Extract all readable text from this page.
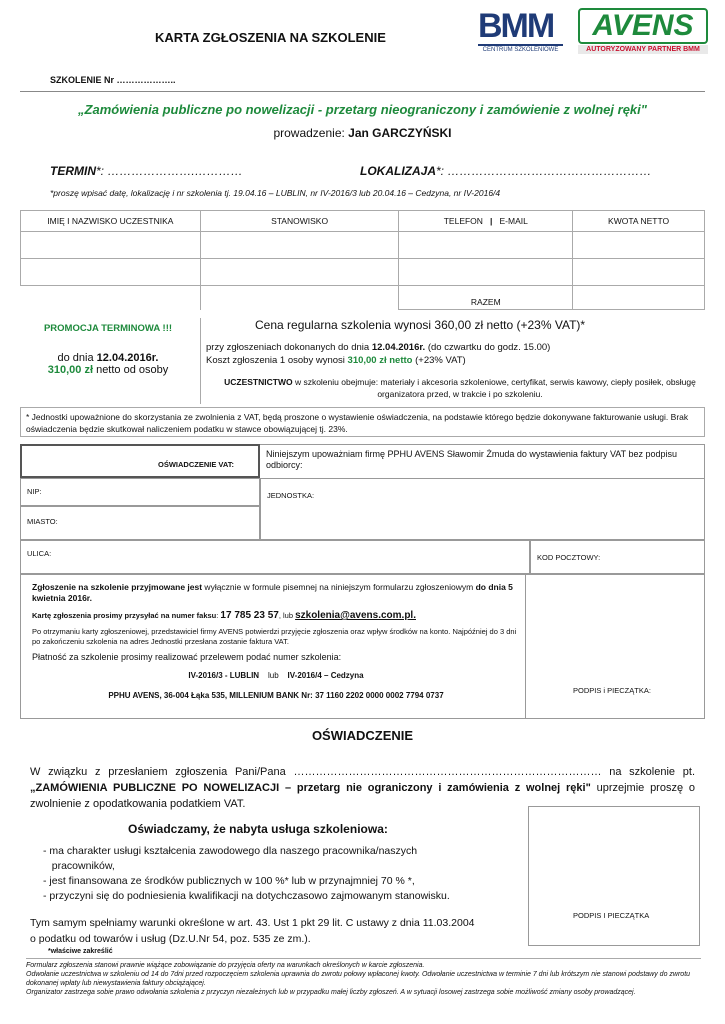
KARTA ZGŁOSZENIA NA SZKOLENIE	BMM
CENTRUM SZKOLENIOWE
AVENS
AUTORYZOWANY PARTNER BMM
SZKOLENIE Nr ………………..
„Zamówienia publiczne po nowelizacji - przetarg nieograniczony i zamówienie z wolnej ręki"
prowadzenie: Jan GARCZYŃSKI
TERMIN*: ………………….…………	LOKALIZAJA*: ……………………………………………
*proszę wpisać datę, lokalizację i nr szkolenia tj. 19.04.16 – LUBLIN, nr IV-2016/3 lub 20.04.16 – Cedzyna, nr IV-2016/4
IMIĘ I NAZWISKO UCZESTNIKA	STANOWISKO	TELEFON | E-MAIL	KWOTA NETTO

		RAZEM	
PROMOCJA TERMINOWA !!!
do dnia 12.04.2016r.
310,00 zł netto od osoby
Cena regularna szkolenia wynosi 360,00 zł netto (+23% VAT)*
przy zgłoszeniach dokonanych do dnia 12.04.2016r. (do czwartku do godz. 15.00)
Koszt zgłoszenia 1 osoby wynosi 310,00 zł netto (+23% VAT)
UCZESTNICTWO w szkoleniu obejmuje: materiały i akcesoria szkoleniowe, certyfikat, serwis kawowy, ciepły posiłek, obsługę organizatora przed, w trakcie i po szkoleniu.
* Jednostki upoważnione do skorzystania ze zwolnienia z VAT, będą proszone o wystawienie oświadczenia, na podstawie którego będzie dokonywane fakturowanie usługi. Brak oświadczenia będzie skutkował naliczeniem podatku w stawce obowiązującej tj. 23%.
OŚWIADCZENIE VAT:
Niniejszym upoważniam firmę PPHU AVENS Sławomir Żmuda do wystawienia faktury VAT bez podpisu odbiorcy:
NIP:	JEDNOSTKA:
MIASTO:
ULICA:	KOD POCZTOWY:
PODPIS i PIECZĄTKA:
Zgłoszenie na szkolenie przyjmowane jest wyłącznie w formule pisemnej na niniejszym formularzu zgłoszeniowym do dnia 5 kwietnia 2016r.
Kartę zgłoszenia prosimy przysyłać na numer faksu: 17 785 23 57, lub szkolenia@avens.com.pl.
Po otrzymaniu karty zgłoszeniowej, przedstawiciel firmy AVENS potwierdzi przyjęcie zgłoszenia oraz wpływ środków na konto. Najpóźniej do 3 dni po zakończeniu szkolenia na adres Jednostki przesłana zostanie faktura VAT.
Płatność za szkolenie prosimy realizować przelewem podać numer szkolenia:
IV-2016/3 - LUBLIN lub IV-2016/4 – Cedzyna
PPHU AVENS, 36-004 Łąka 535, MILLENIUM BANK Nr: 37 1160 2202 0000 0002 7794 0737
OŚWIADCZENIE
W związku z przesłaniem zgłoszenia Pani/Pana ………………………………………………………………………… na szkolenie pt. „ZAMÓWIENIA PUBLICZNE PO NOWELIZACJI – przetarg nie ograniczony i zamówienia z wolnej ręki" uprzejmie proszę o zwolnienie z opodatkowania podatkiem VAT.
Oświadczamy, że nabyta usługa szkoleniowa:
- ma charakter usługi kształcenia zawodowego dla naszego pracownika/naszych
pracowników,
- jest finansowana ze środków publicznych w 100 %* lub w przynajmniej 70 % *,
- przyczyni się do podniesienia kwalifikacji na dotychczasowo zajmowanym stanowisku.
Tym samym spełniamy warunki określone w art. 43. Ust 1 pkt 29 lit. C ustawy z dnia 11.03.2004
o podatku od towarów i usług (Dz.U.Nr 54, poz. 535 ze zm.).
PODPIS I PIECZĄTKA
*właściwe zakreślić
Formularz zgłoszenia stanowi prawnie wiążące zobowiązanie do przyjęcia oferty na warunkach określonych w karcie zgłoszenia.
Odwołanie uczestnictwa w szkoleniu od 14 do 7dni przed rozpoczęciem szkolenia uprawnia do zwrotu połowy wpłaconej kwoty. Odwołanie uczestnictwa w terminie 7 dni lub krótszym nie stanowi podstawy do zwrotu dokonanej wpłaty lub niewystawienia faktury obciążającej.
Organizator zastrzega sobie prawo odwołania szkolenia z przyczyn niezależnych lub w przypadku małej liczby zgłoszeń. A w sytuacji losowej zastrzega sobie możliwość zmiany osoby prowadzącej.
